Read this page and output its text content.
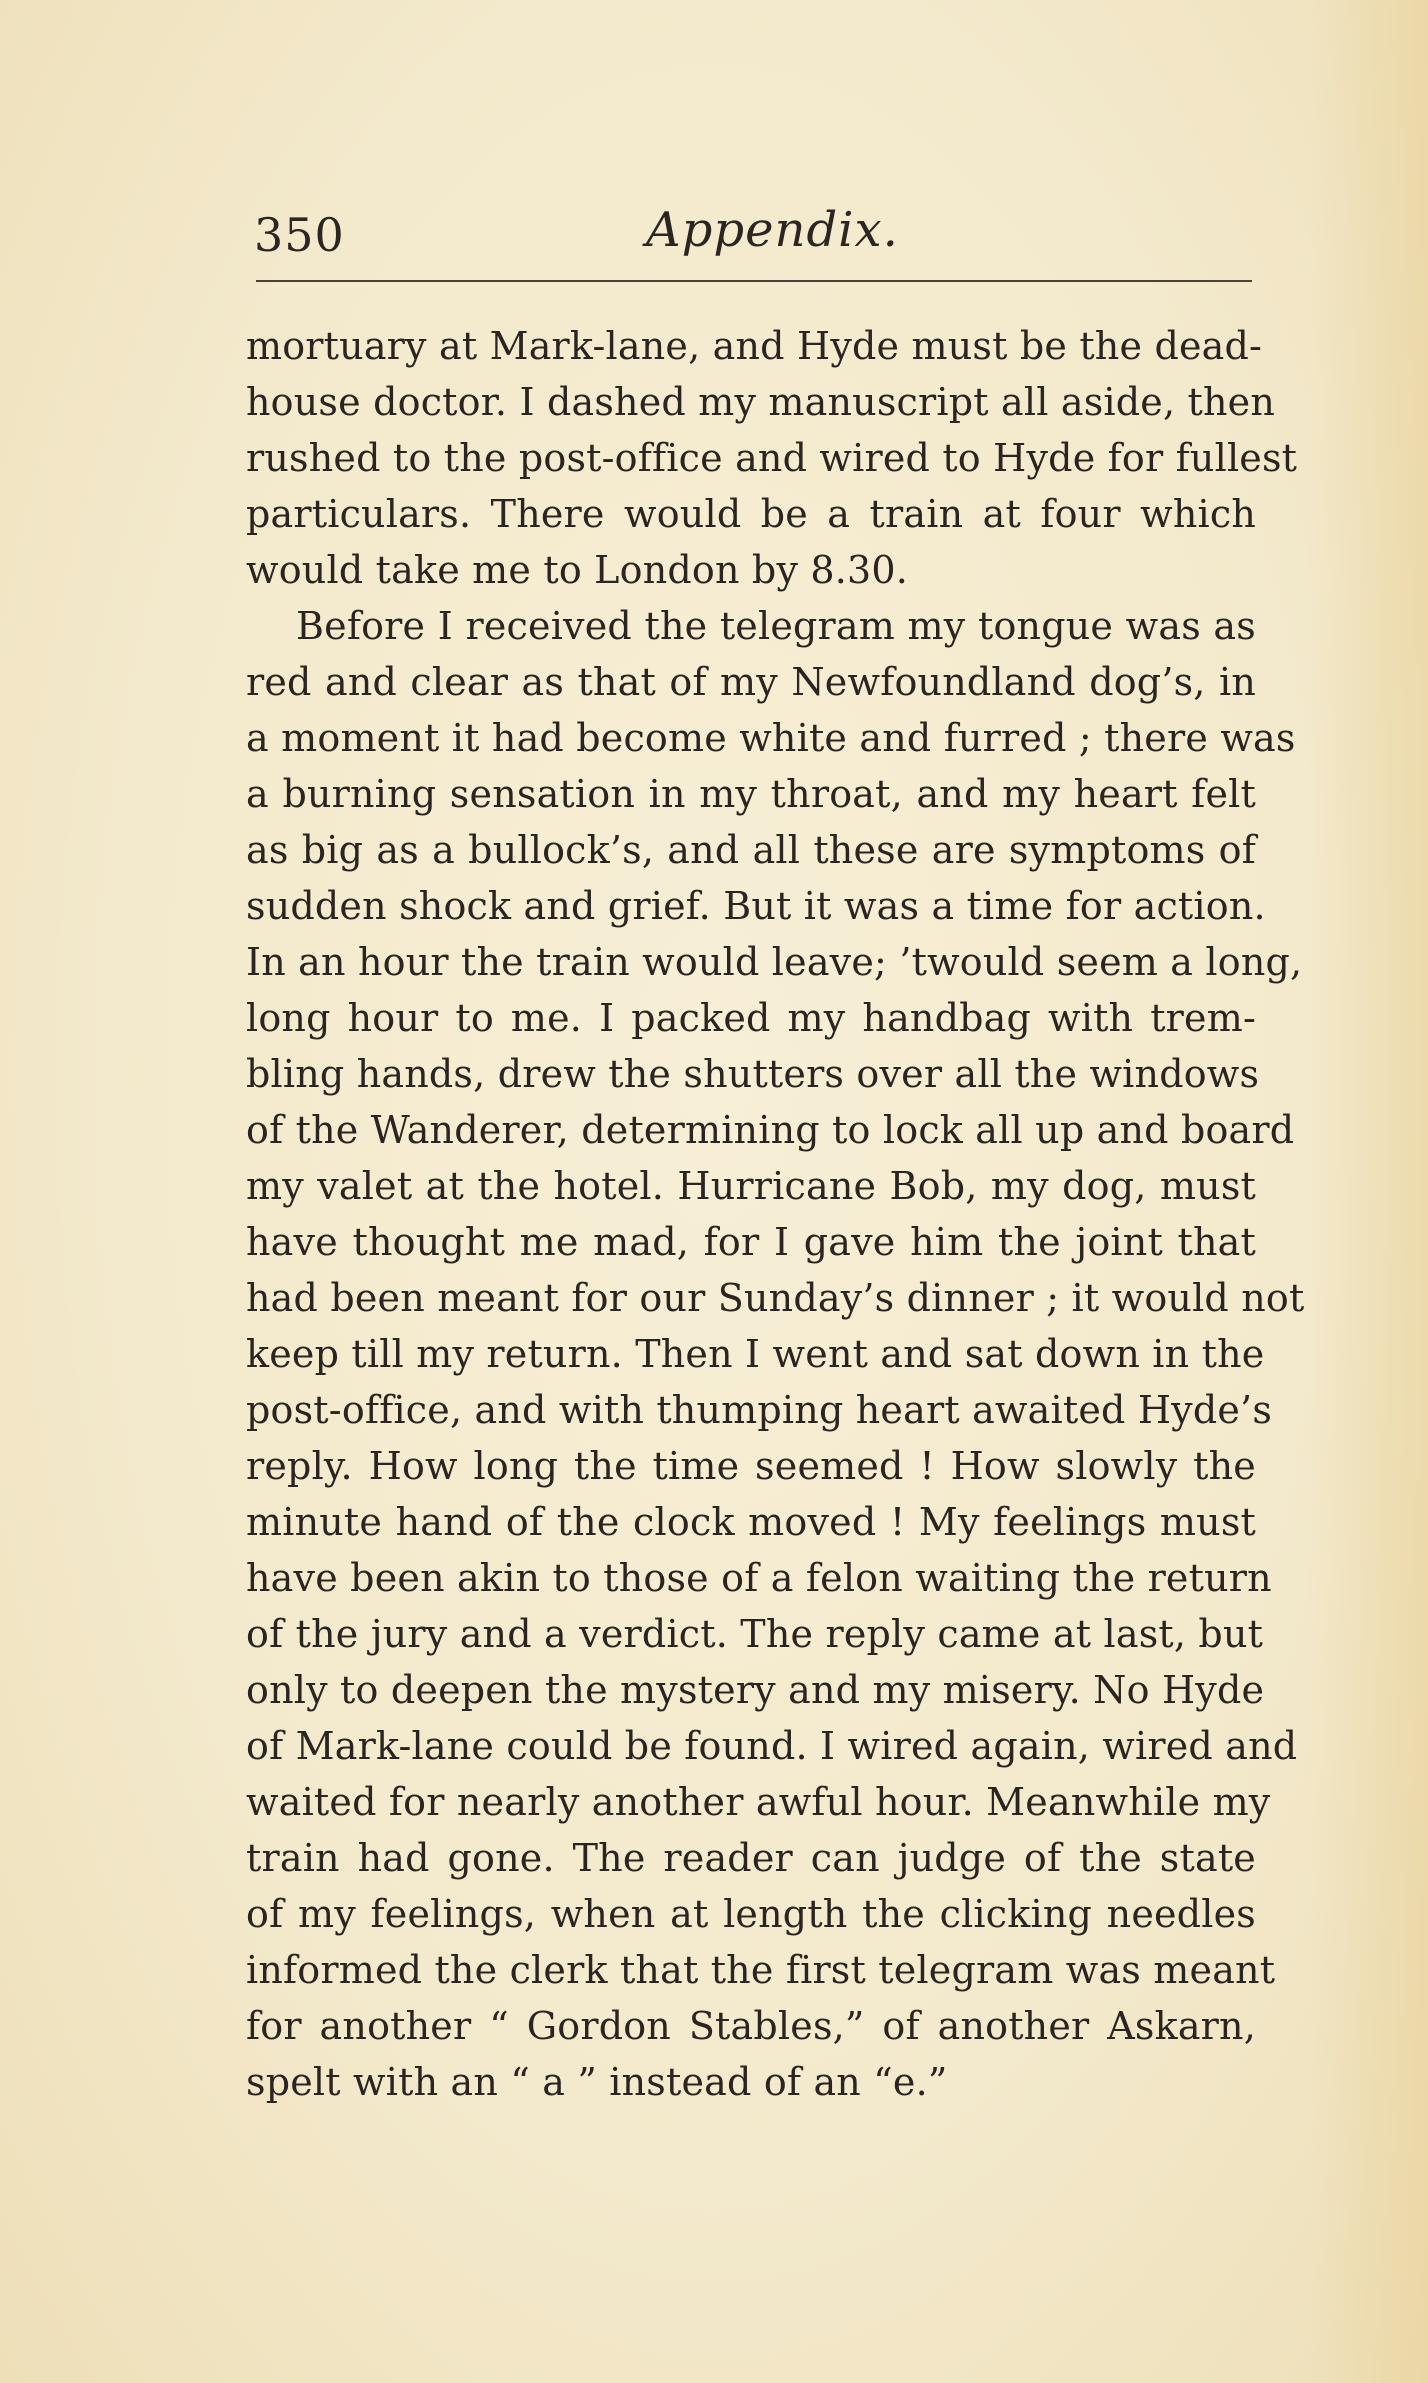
350	Appendix.
mortuary at Mark-lane, and Hyde must be the dead-
house doctor. I dashed my manuscript all aside, then
rushed to the post-office and wired to Hyde for fullest
particulars. There would be a train at four which
would take me to London by 8.30.
Before I received the telegram my tongue was as
red and clear as that of my Newfoundland dog’s, in
a moment it had become white and furred ; there was
a burning sensation in my throat, and my heart felt
as big as a bullock’s, and all these are symptoms of
sudden shock and grief. But it was a time for action.
In an hour the train would leave; ’twould seem a long,
long hour to me. I packed my handbag with trem-
bling hands, drew the shutters over all the windows
of the Wanderer, determining to lock all up and board
my valet at the hotel. Hurricane Bob, my dog, must
have thought me mad, for I gave him the joint that
had been meant for our Sunday’s dinner ; it would not
keep till my return. Then I went and sat down in the
post-office, and with thumping heart awaited Hyde’s
reply. How long the time seemed ! How slowly the
minute hand of the clock moved ! My feelings must
have been akin to those of a felon waiting the return
of the jury and a verdict. The reply came at last, but
only to deepen the mystery and my misery. No Hyde
of Mark-lane could be found. I wired again, wired and
waited for nearly another awful hour. Meanwhile my
train had gone. The reader can judge of the state
of my feelings, when at length the clicking needles
informed the clerk that the first telegram was meant
for another “ Gordon Stables,” of another Askarn,
spelt with an “ a ” instead of an “e.”
